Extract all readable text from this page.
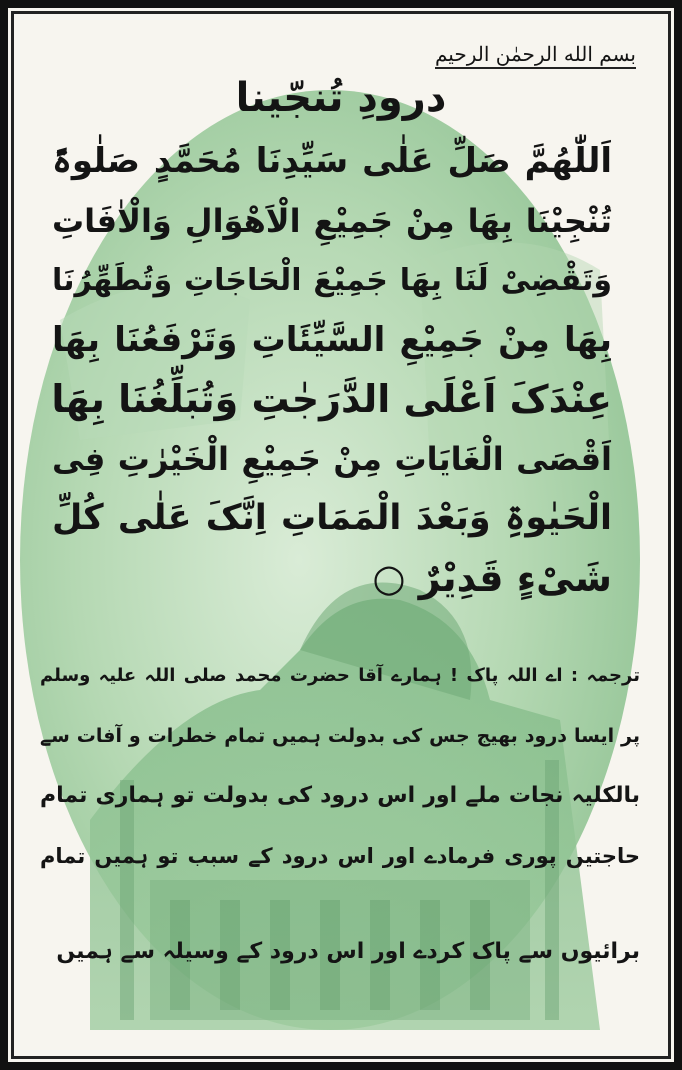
بسم الله الرحمٰن الرحيم
درودِ تُنجّينا
اَللّٰھُمَّ صَلِّ عَلٰی سَیِّدِنَا مُحَمَّدٍ صَلٰوۃً
تُنْجِیْنَا بِھَا مِنْ جَمِیْعِ الْاَھْوَالِ وَالْاٰفَاتِ
وَتَقْضِیْ لَنَا بِھَا جَمِیْعَ الْحَاجَاتِ وَتُطَھِّرُنَا
بِھَا مِنْ جَمِیْعِ السَّیِّئَاتِ وَتَرْفَعُنَا بِھَا
عِنْدَکَ اَعْلَی الدَّرَجٰتِ وَتُبَلِّغُنَا بِھَا
اَقْصَی الْغَایَاتِ مِنْ جَمِیْعِ الْخَیْرٰتِ فِی
الْحَیٰوۃِ وَبَعْدَ الْمَمَاتِ اِنَّکَ عَلٰی کُلِّ
شَیْءٍ قَدِیْرٌ ○
ترجمہ : اے اللہ پاک ! ہمارے آقا حضرت محمد صلی اللہ علیہ وسلم
پر ایسا درود بھیج جس کی بدولت ہمیں تمام خطرات و آفات سے
بالکلیہ نجات ملے اور اس درود کی بدولت تو ہماری تمام
حاجتیں پوری فرمادے اور اس درود کے سبب تو ہمیں تمام
برائیوں سے پاک کردے اور اس درود کے وسیلہ سے ہمیں
